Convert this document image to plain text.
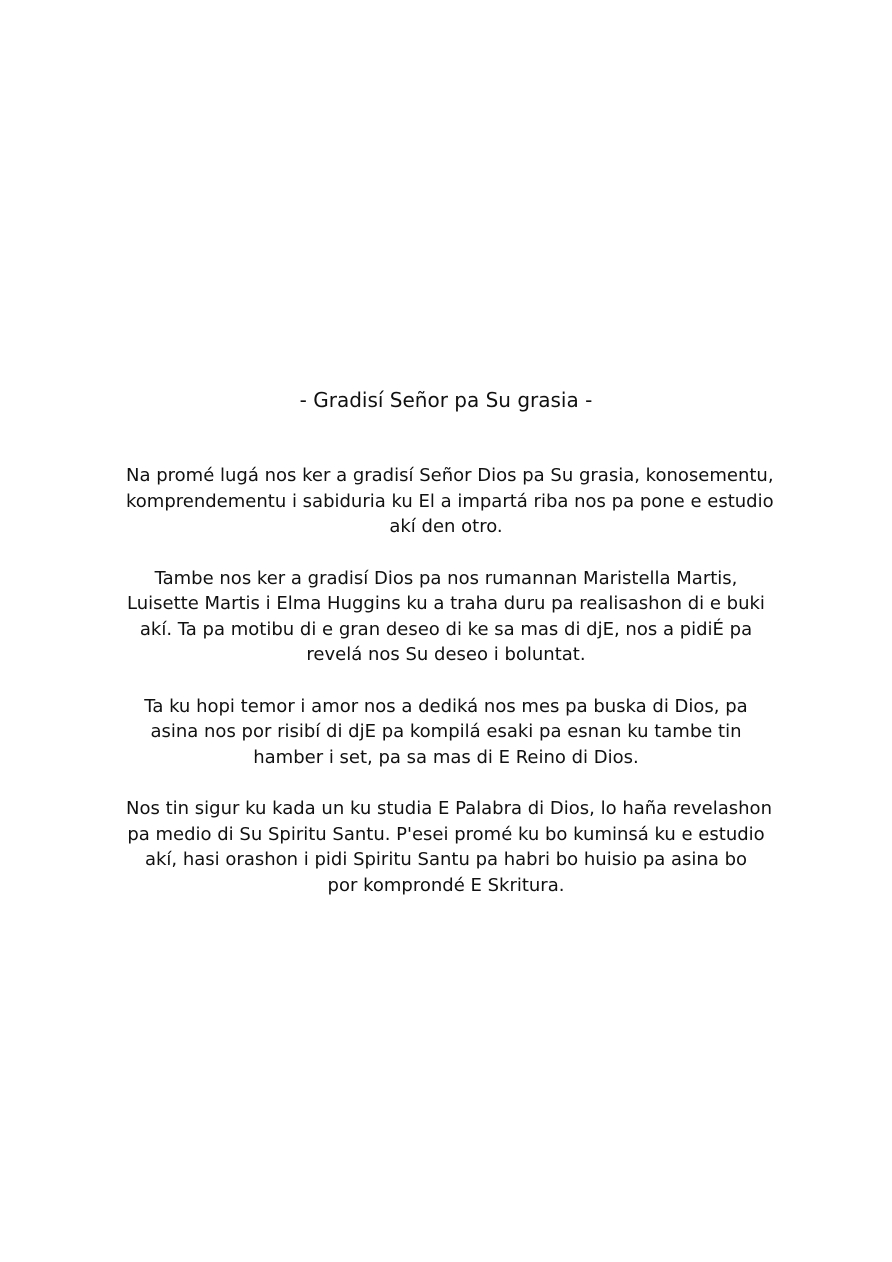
- Gradisí Señor pa Su grasia -

Na promé lugá nos ker a gradisí Señor Dios pa Su grasia, konosementu,
komprendementu i sabiduria ku El a impartá riba nos pa pone e estudio
akí den otro.

Tambe nos ker a gradisí Dios pa nos rumannan Maristella Martis,
Luisette Martis i Elma Huggins ku a traha duru pa realisashon di e buki
akí. Ta pa motibu di e gran deseo di ke sa mas di djE, nos a pidiÉ pa
revelá nos Su deseo i boluntat.

Ta ku hopi temor i amor nos a dediká nos mes pa buska di Dios, pa
asina nos por risibí di djE pa kompilá esaki pa esnan ku tambe tin
hamber i set, pa sa mas di E Reino di Dios.

Nos tin sigur ku kada un ku studia E Palabra di Dios, lo haña revelashon
pa medio di Su Spiritu Santu. P'esei promé ku bo kuminsá ku e estudio
akí, hasi orashon i pidi Spiritu Santu pa habri bo huisio pa asina bo
por komprondé E Skritura.
